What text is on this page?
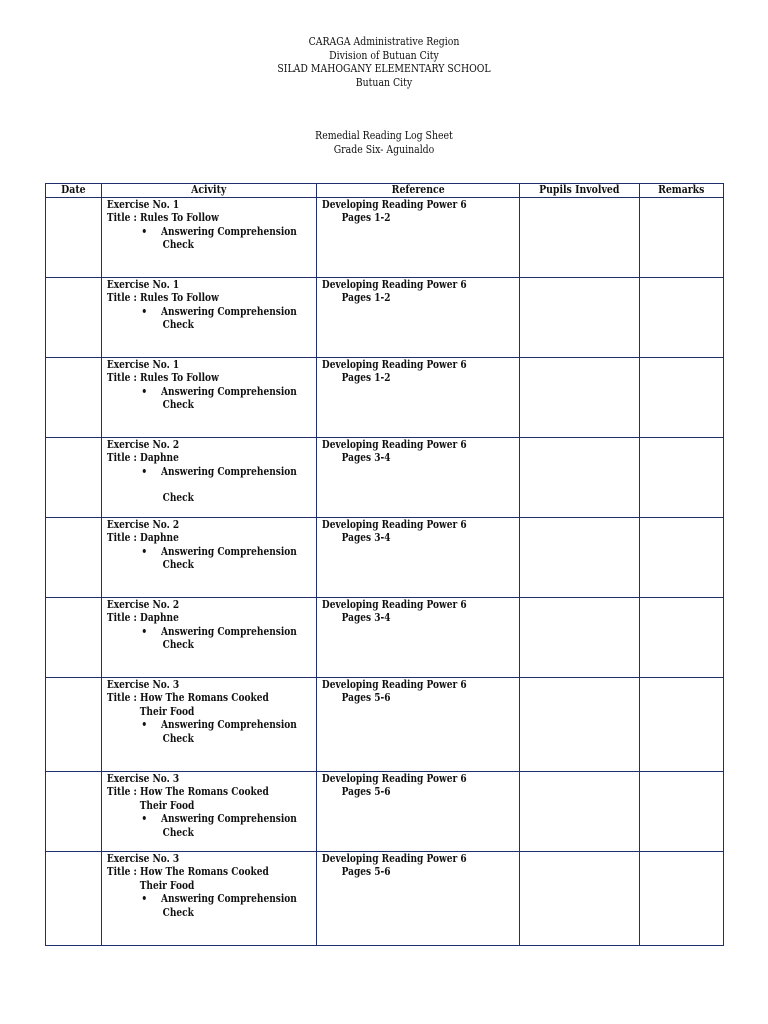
CARAGA Administrative Region
Division of Butuan City
SILAD MAHOGANY ELEMENTARY SCHOOL
Butuan City
Remedial Reading Log Sheet
Grade Six- Aguinaldo
Date	Acivity	Reference	Pupils Involved	Remarks

	Exercise No. 1
Title : Rules To Follow
• Answering Comprehension
Check	Developing Reading Power 6
Pages 1-2		

	Exercise No. 1
Title : Rules To Follow
• Answering Comprehension
Check	Developing Reading Power 6
Pages 1-2		

	Exercise No. 1
Title : Rules To Follow
• Answering Comprehension
Check	Developing Reading Power 6
Pages 1-2		

	Exercise No. 2
Title : Daphne
• Answering Comprehension
Check	Developing Reading Power 6
Pages 3-4		

	Exercise No. 2
Title : Daphne
• Answering Comprehension
Check	Developing Reading Power 6
Pages 3-4		

	Exercise No. 2
Title : Daphne
• Answering Comprehension
Check	Developing Reading Power 6
Pages 3-4		

	Exercise No. 3
Title : How The Romans Cooked
Their Food
• Answering Comprehension
Check	Developing Reading Power 6
Pages 5-6		

	Exercise No. 3
Title : How The Romans Cooked
Their Food
• Answering Comprehension
Check	Developing Reading Power 6
Pages 5-6		

	Exercise No. 3
Title : How The Romans Cooked
Their Food
• Answering Comprehension
Check	Developing Reading Power 6
Pages 5-6		
